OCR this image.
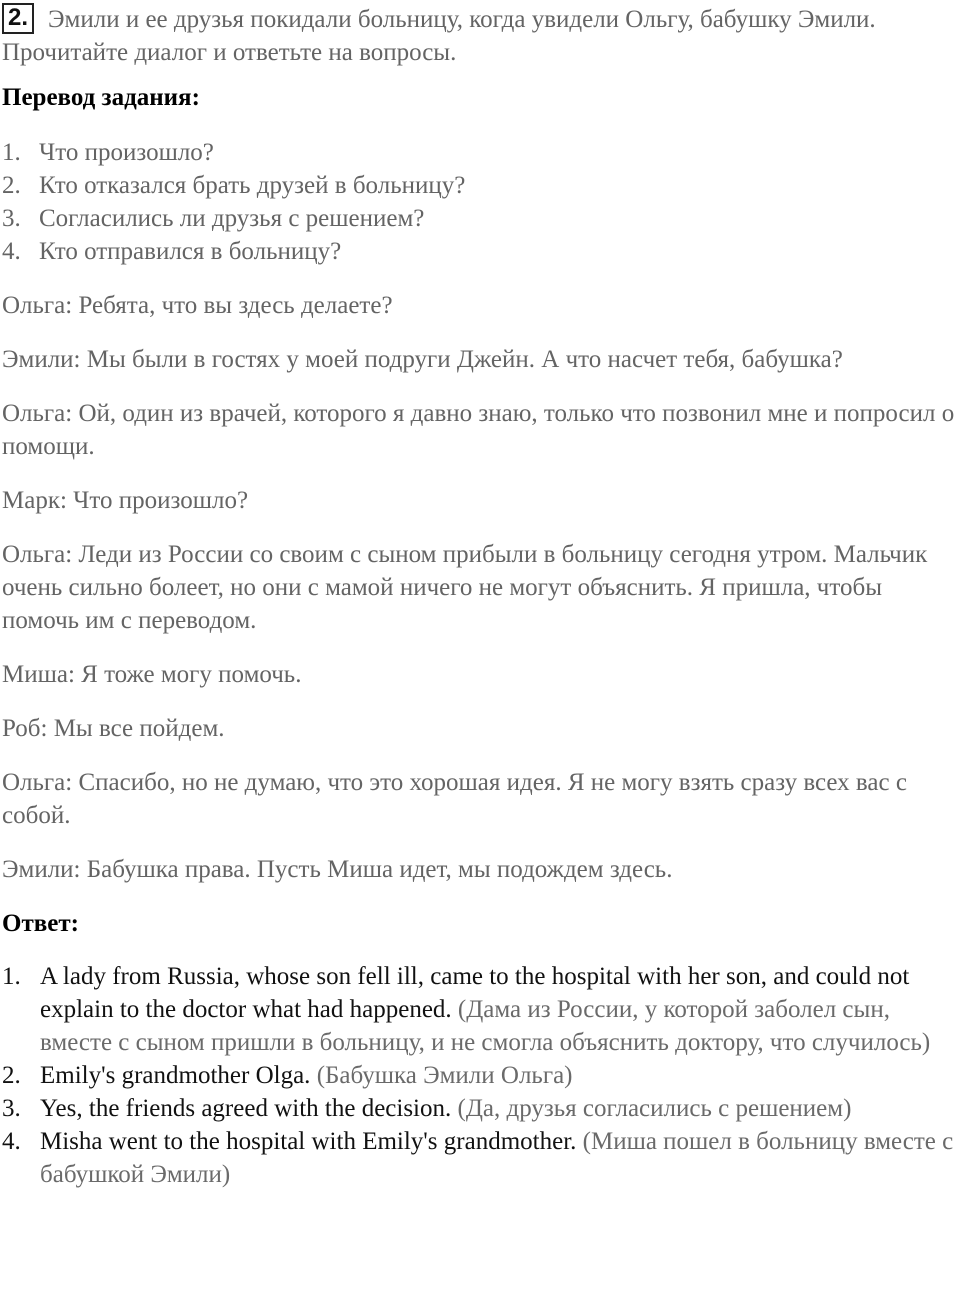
2. Эмили и ее друзья покидали больницу, когда увидели Ольгу, бабушку Эмили. Прочитайте диалог и ответьте на вопросы.

Перевод задания:
1. Что произошло?
2. Кто отказался брать друзей в больницу?
3. Согласились ли друзья с решением?
4. Кто отправился в больницу?

Ольга: Ребята, что вы здесь делаете?

Эмили: Мы были в гостях у моей подруги Джейн. А что насчет тебя, бабушка?

Ольга: Ой, один из врачей, которого я давно знаю, только что позвонил мне и попросил о помощи.

Марк: Что произошло?

Ольга: Леди из России со своим с сыном прибыли в больницу сегодня утром. Мальчик очень сильно болеет, но они с мамой ничего не могут объяснить. Я пришла, чтобы помочь им с переводом.

Миша: Я тоже могу помочь.

Роб: Мы все пойдем.

Ольга: Спасибо, но не думаю, что это хорошая идея. Я не могу взять сразу всех вас с собой.

Эмили: Бабушка права. Пусть Миша идет, мы подождем здесь.

Ответ:
1. A lady from Russia, whose son fell ill, came to the hospital with her son, and could not explain to the doctor what had happened. (Дама из России, у которой заболел сын, вместе с сыном пришли в больницу, и не смогла объяснить доктору, что случилось)
2. Emily's grandmother Olga. (Бабушка Эмили Ольга)
3. Yes, the friends agreed with the decision. (Да, друзья согласились с решением)
4. Misha went to the hospital with Emily's grandmother. (Миша пошел в больницу вместе с бабушкой Эмили)
